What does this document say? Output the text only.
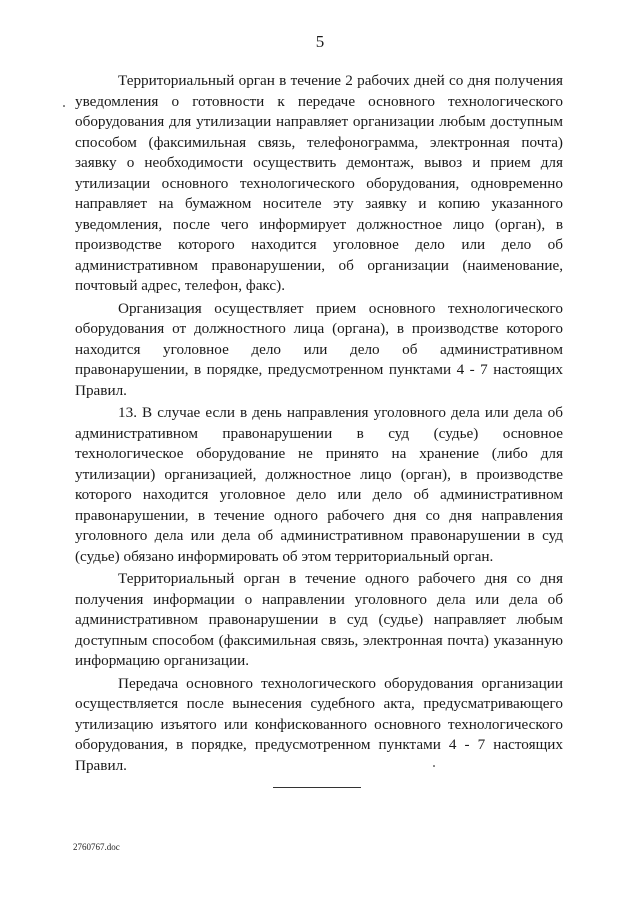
5

Территориальный орган в течение 2 рабочих дней со дня получения уведомления о готовности к передаче основного технологического оборудования для утилизации направляет организации любым доступным способом (факсимильная связь, телефонограмма, электронная почта) заявку о необходимости осуществить демонтаж, вывоз и прием для утилизации основного технологического оборудования, одновременно направляет на бумажном носителе эту заявку и копию указанного уведомления, после чего информирует должностное лицо (орган), в производстве которого находится уголовное дело или дело об административном правонарушении, об организации (наименование, почтовый адрес, телефон, факс).

Организация осуществляет прием основного технологического оборудования от должностного лица (органа), в производстве которого находится уголовное дело или дело об административном правонарушении, в порядке, предусмотренном пунктами 4 - 7 настоящих Правил.

13. В случае если в день направления уголовного дела или дела об административном правонарушении в суд (судье) основное технологическое оборудование не принято на хранение (либо для утилизации) организацией, должностное лицо (орган), в производстве которого находится уголовное дело или дело об административном правонарушении, в течение одного рабочего дня со дня направления уголовного дела или дела об административном правонарушении в суд (судье) обязано информировать об этом территориальный орган.

Территориальный орган в течение одного рабочего дня со дня получения информации о направлении уголовного дела или дела об административном правонарушении в суд (судье) направляет любым доступным способом (факсимильная связь, электронная почта) указанную информацию организации.

Передача основного технологического оборудования организации осуществляется после вынесения судебного акта, предусматривающего утилизацию изъятого или конфискованного основного технологического оборудования, в порядке, предусмотренном пунктами 4 - 7 настоящих Правил.

2760767.doc
